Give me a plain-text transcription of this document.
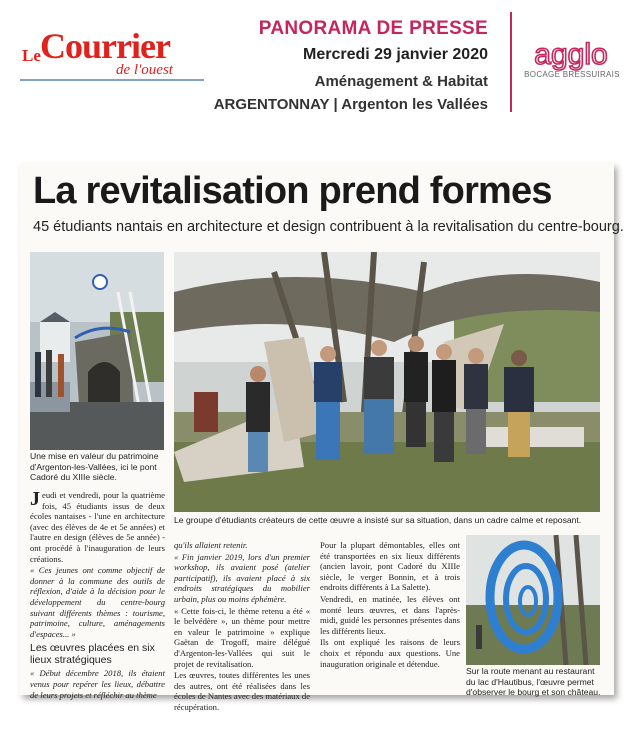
Le Courrier
de l'ouest
PANORAMA DE PRESSE
Mercredi 29 janvier 2020
Aménagement & Habitat
ARGENTONNAY | Argenton les Vallées
agglo
BOCAGE BRESSUIRAIS
La revitalisation prend formes
45 étudiants nantais en architecture et design contribuent à la revitalisation du centre-bourg.
Une mise en valeur du patrimoine d'Argenton-les-Vallées, ici le pont Cadoré du XIIIe siècle.
Le groupe d'étudiants créateurs de cette œuvre a insisté sur sa situation, dans un cadre calme et reposant.

Jeudi et vendredi, pour la quatrième fois, 45 étudiants issus de deux écoles nantaises - l'une en architecture (avec des élèves de 4e et 5e années) et l'autre en design (élèves de 5e année) - ont procédé à l'inauguration de leurs créations.

« Ces jeunes ont comme objectif de donner à la commune des outils de réflexion, d'aide à la décision pour le développement du centre-bourg suivant différents thèmes : tourisme, patrimoine, culture, aménagements d'espaces... »

Les œuvres placées en six lieux stratégiques

« Début décembre 2018, ils étaient venus pour repérer les lieux, débattre de leurs projets et réfléchir au thème

qu'ils allaient retenir.

« Fin janvier 2019, lors d'un premier workshop, ils avaient posé (atelier participatif), ils avaient placé à six endroits stratégiques du mobilier urbain, plus ou moins éphémère.

« Cette fois-ci, le thème retenu a été « le belvédère », un thème pour mettre en valeur le patrimoine » explique Gaëtan de Trogoff, maire délégué d'Argenton-les-Vallées qui suit le projet de revitalisation.

Les œuvres, toutes différentes les unes des autres, ont été réalisées dans les écoles de Nantes avec des matériaux de récupération.

Pour la plupart démontables, elles ont été transportées en six lieux différents (ancien lavoir, pont Cadoré du XIIIe siècle, le verger Bonnin, et à trois endroits différents à La Salette).

Vendredi, en matinée, les élèves ont monté leurs œuvres, et dans l'après-midi, guidé les personnes présentes dans les différents lieux.

Ils ont expliqué les raisons de leurs choix et répondu aux questions. Une inauguration originale et détendue.

Sur la route menant au restaurant du lac d'Hautibus, l'œuvre permet d'observer le bourg et son château.
